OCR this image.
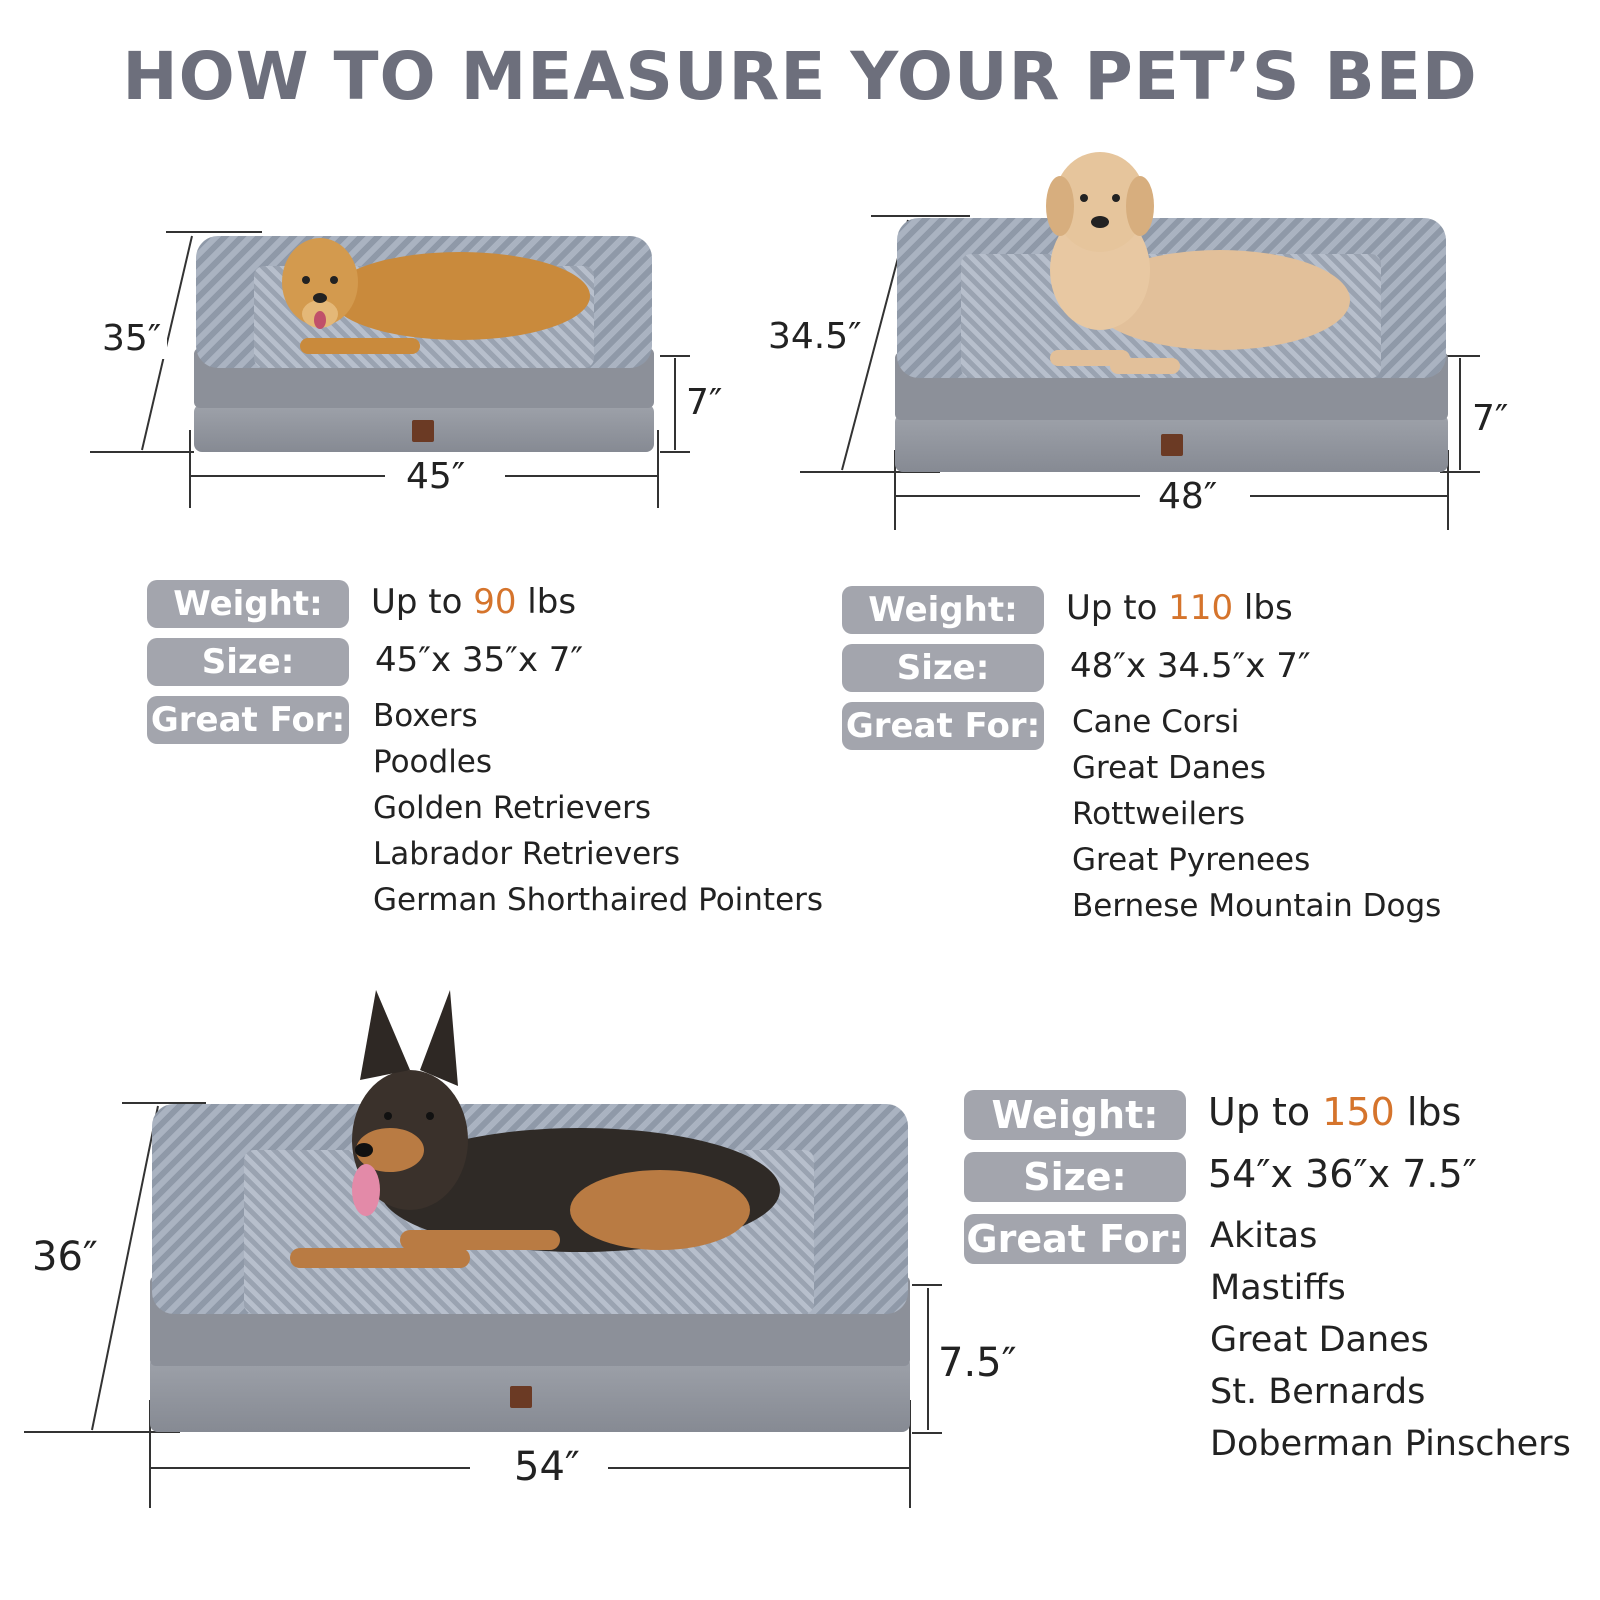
HOW TO MEASURE YOUR PET’S BED
35″
45″
7″
34.5″
48″
7″
36″
54″
7.5″
Weight:	Up to 90 lbs
Size:	45″x 35″x 7″
Great For: Boxers
Poodles
Golden Retrievers
Labrador Retrievers
German Shorthaired Pointers
Weight:	Up to 110 lbs
Size:	48″x 34.5″x 7″
Great For: Cane Corsi
Great Danes
Rottweilers
Great Pyrenees
Bernese Mountain Dogs
Weight:	Up to 150 lbs
Size:	54″x 36″x 7.5″
Great For: Akitas
Mastiffs
Great Danes
St. Bernards
Doberman Pinschers
